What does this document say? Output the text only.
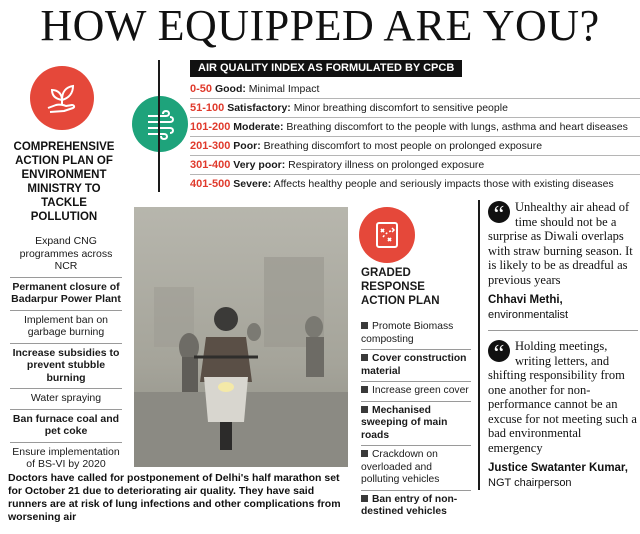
HOW EQUIPPED ARE YOU?
COMPREHENSIVE ACTION PLAN OF ENVIRONMENT MINISTRY TO TACKLE POLLUTION
Expand CNG programmes across NCR
Permanent closure of Badarpur Power Plant
Implement ban on garbage burning
Increase subsidies to prevent stubble burning
Water spraying
Ban furnace coal and pet coke
Ensure implementation of BS-VI by 2020
AIR QUALITY INDEX AS FORMULATED BY CPCB
0-50 Good: Minimal Impact
51-100 Satisfactory: Minor breathing discomfort to sensitive people
101-200 Moderate: Breathing discomfort to the people with lungs, asthma and heart diseases
201-300 Poor: Breathing discomfort to most people on prolonged exposure
301-400 Very poor: Respiratory illness on prolonged exposure
401-500 Severe: Affects healthy people and seriously impacts those with existing diseases
GRADED RESPONSE ACTION PLAN
Promote Biomass composting
Cover construction material
Increase green cover
Mechanised sweeping of main roads
Crackdown on overloaded and polluting vehicles
Ban entry of non-destined vehicles
Doctors have called for postponement of Delhi's half marathon set for October 21 due to deteriorating air quality. They have said runners are at risk of lung infections and other complications from worsening air
“ Unhealthy air ahead of time should not be a surprise as Diwali overlaps with straw burning season. It is likely to be as dreadful as previous years
Chhavi Methi,
environmentalist
“ Holding meetings, writing letters, and shifting responsibility from one another for non-performance cannot be an excuse for not meeting such a bad environmental emergency
Justice Swatanter Kumar,
NGT chairperson
